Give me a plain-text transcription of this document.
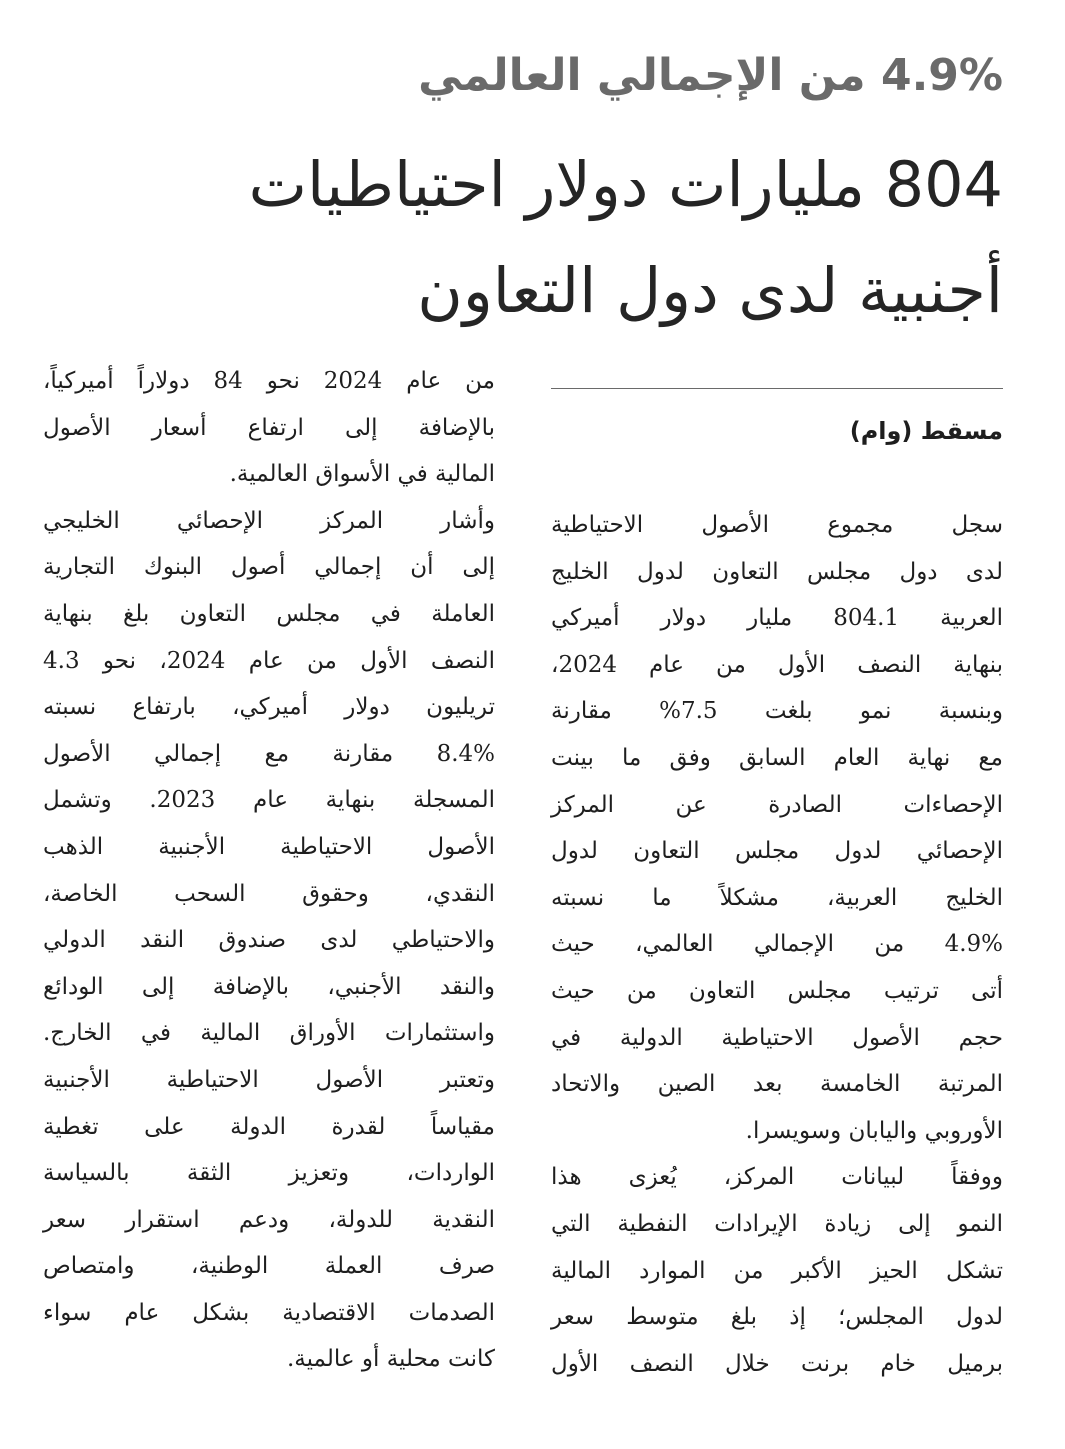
4.9% من الإجمالي العالمي
804 مليارات دولار احتياطيات
أجنبية لدى دول التعاون
مسقط (وام)
سجل مجموع الأصول الاحتياطية
لدى دول مجلس التعاون لدول الخليج
العربية 804.1 مليار دولار أميركي
بنهاية النصف الأول من عام 2024،
وبنسبة نمو بلغت 7.5% مقارنة
مع نهاية العام السابق وفق ما بينت
الإحصاءات الصادرة عن المركز
الإحصائي لدول مجلس التعاون لدول
الخليج العربية، مشكلاً ما نسبته
4.9% من الإجمالي العالمي، حيث
أتى ترتيب مجلس التعاون من حيث
حجم الأصول الاحتياطية الدولية في
المرتبة الخامسة بعد الصين والاتحاد
الأوروبي واليابان وسويسرا.
ووفقاً لبيانات المركز، يُعزى هذا
النمو إلى زيادة الإيرادات النفطية التي
تشكل الحيز الأكبر من الموارد المالية
لدول المجلس؛ إذ بلغ متوسط سعر
برميل خام برنت خلال النصف الأول
من عام 2024 نحو 84 دولاراً أميركياً،
بالإضافة إلى ارتفاع أسعار الأصول
المالية في الأسواق العالمية.
وأشار المركز الإحصائي الخليجي
إلى أن إجمالي أصول البنوك التجارية
العاملة في مجلس التعاون بلغ بنهاية
النصف الأول من عام 2024، نحو 4.3
تريليون دولار أميركي، بارتفاع نسبته
8.4% مقارنة مع إجمالي الأصول
المسجلة بنهاية عام 2023. وتشمل
الأصول الاحتياطية الأجنبية الذهب
النقدي، وحقوق السحب الخاصة،
والاحتياطي لدى صندوق النقد الدولي
والنقد الأجنبي، بالإضافة إلى الودائع
واستثمارات الأوراق المالية في الخارج.
وتعتبر الأصول الاحتياطية الأجنبية
مقياساً لقدرة الدولة على تغطية
الواردات، وتعزيز الثقة بالسياسة
النقدية للدولة، ودعم استقرار سعر
صرف العملة الوطنية، وامتصاص
الصدمات الاقتصادية بشكل عام سواء
كانت محلية أو عالمية.
